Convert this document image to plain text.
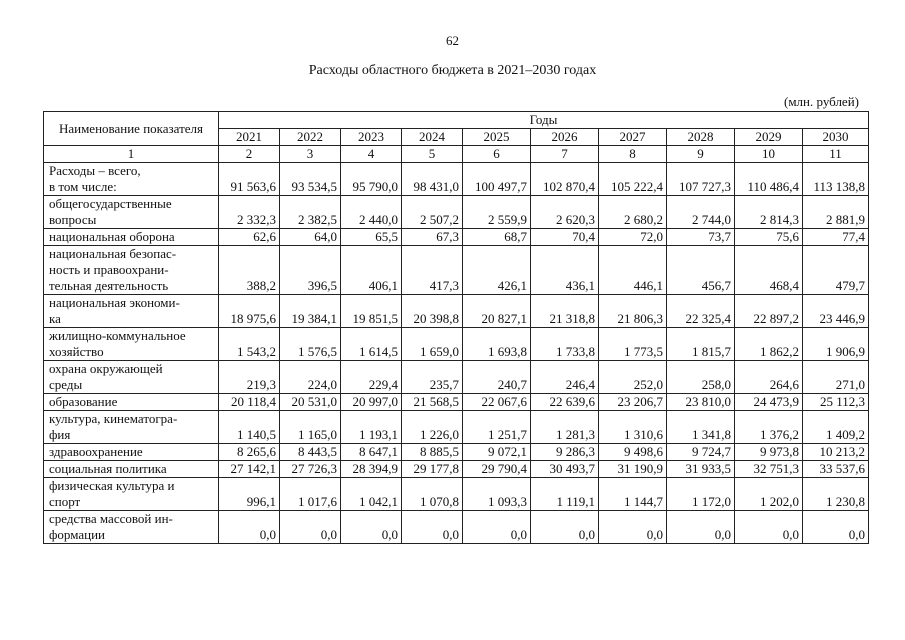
62
Расходы областного бюджета в 2021–2030 годах
(млн. рублей)
Наименование показателя	Годы									
	2021	2022	2023	2024	2025	2026	2027	2028	2029	2030
1	2	3	4	5	6	7	8	9	10	11

Расходы – всего,
в том числе:	91 563,6	93 534,5	95 790,0	98 431,0	100 497,7	102 870,4	105 222,4	107 727,3	110 486,4	113 138,8

общегосударственные
вопросы	2 332,3	2 382,5	2 440,0	2 507,2	2 559,9	2 620,3	2 680,2	2 744,0	2 814,3	2 881,9

национальная оборона	62,6	64,0	65,5	67,3	68,7	70,4	72,0	73,7	75,6	77,4

национальная безопас-
ность и правоохрани-
тельная деятельность	388,2	396,5	406,1	417,3	426,1	436,1	446,1	456,7	468,4	479,7

национальная экономи-
ка	18 975,6	19 384,1	19 851,5	20 398,8	20 827,1	21 318,8	21 806,3	22 325,4	22 897,2	23 446,9

жилищно-коммунальное
хозяйство	1 543,2	1 576,5	1 614,5	1 659,0	1 693,8	1 733,8	1 773,5	1 815,7	1 862,2	1 906,9

охрана окружающей
среды	219,3	224,0	229,4	235,7	240,7	246,4	252,0	258,0	264,6	271,0

образование	20 118,4	20 531,0	20 997,0	21 568,5	22 067,6	22 639,6	23 206,7	23 810,0	24 473,9	25 112,3

культура, кинематогра-
фия	1 140,5	1 165,0	1 193,1	1 226,0	1 251,7	1 281,3	1 310,6	1 341,8	1 376,2	1 409,2

здравоохранение	8 265,6	8 443,5	8 647,1	8 885,5	9 072,1	9 286,3	9 498,6	9 724,7	9 973,8	10 213,2

социальная политика	27 142,1	27 726,3	28 394,9	29 177,8	29 790,4	30 493,7	31 190,9	31 933,5	32 751,3	33 537,6

физическая культура и
спорт	996,1	1 017,6	1 042,1	1 070,8	1 093,3	1 119,1	1 144,7	1 172,0	1 202,0	1 230,8

средства массовой ин-
формации	0,0	0,0	0,0	0,0	0,0	0,0	0,0	0,0	0,0	0,0
